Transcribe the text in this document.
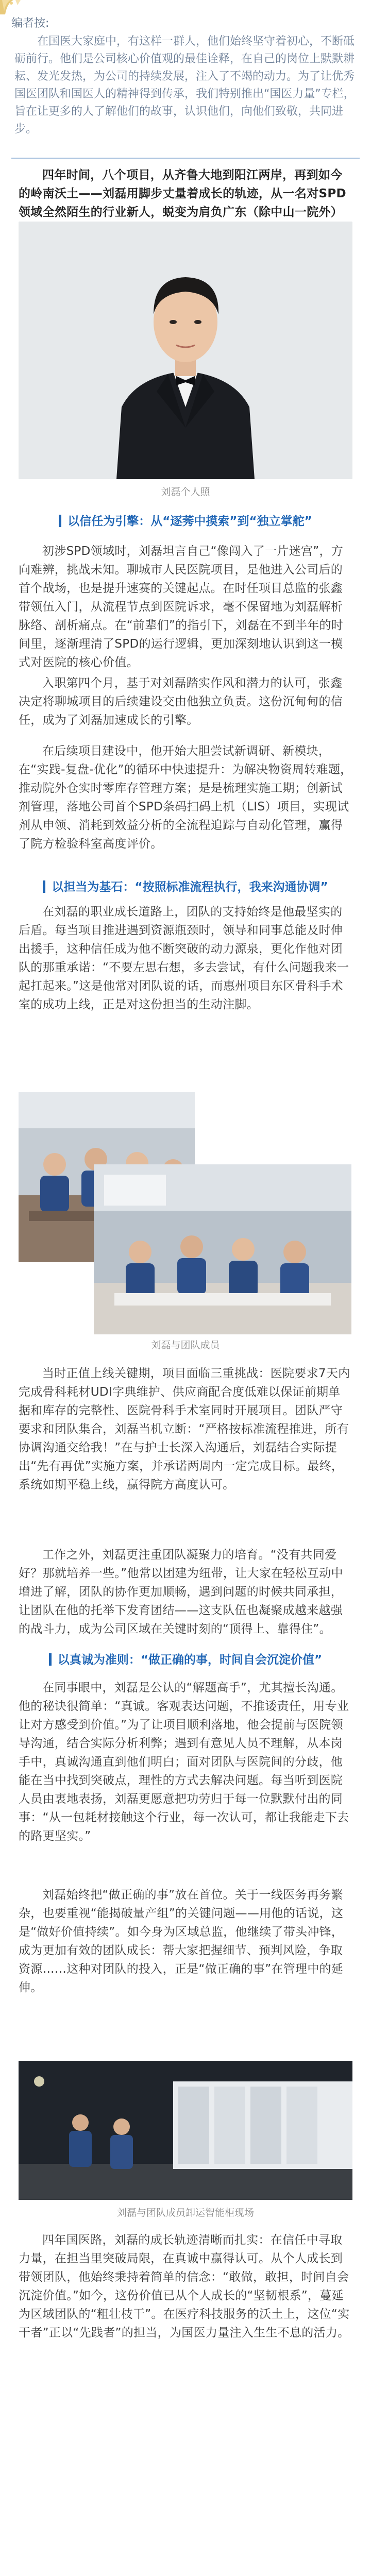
编者按:
在国医大家庭中，有这样一群人，他们始终坚守着初心，不断砥砺前行。他们是公司核心价值观的最佳诠释，在自己的岗位上默默耕耘、发光发热，为公司的持续发展，注入了不竭的动力。为了让优秀国医团队和国医人的精神得到传承，我们特别推出“国医力量”专栏，旨在让更多的人了解他们的故事，认识他们，向他们致敬，共同进步。
四年时间，八个项目，从齐鲁大地到阳江两岸，再到如今的岭南沃土——刘磊用脚步丈量着成长的轨迹，从一名对SPD领域全然陌生的行业新人，蜕变为肩负广东（除中山一院外）
刘磊个人照
以信任为引擎：从“逐莠中摸索”到“独立掌舵”
初涉SPD领域时，刘磊坦言自己“像闯入了一片迷宫”，方向难辨，挑战未知。聊城市人民医院项目，是他进入公司后的首个战场，也是提升速赛的关键起点。在时任项目总监的张鑫带领伍入门，从流程节点到医院诉求，毫不保留地为刘磊解析脉络、剖析痛点。在“前辈们”的指引下，刘磊在不到半年的时间里，逐渐理清了SPD的运行逻辑，更加深刻地认识到这一模式对医院的核心价值。
入职第四个月，基于对刘磊踏实作风和潜力的认可，张鑫决定将聊城项目的后续建设交由他独立负责。这份沉甸甸的信任，成为了刘磊加速成长的引擎。
在后续项目建设中，他开始大胆尝试新调研、新模块，在“实践-复盘-优化”的循环中快速提升：为解决物资周转难题，推动院外仓实时零库存管理方案；是是梳理实施工期；创新试剂管理，落地公司首个SPD条码扫码上机（LIS）项目，实现试剂从申领、消耗到效益分析的全流程追踪与自动化管理，赢得了院方检验科室高度评价。
以担当为基石：“按照标准流程执行，我来沟通协调”
在刘磊的职业成长道路上，团队的支持始终是他最坚实的后盾。每当项目推进遇到资源瓶颈时，领导和同事总能及时伸出援手，这种信任成为他不断突破的动力源泉，更化作他对团队的那重承诺：“不要左思右想，多去尝试，有什么问题我来一起扛起来。”这是他常对团队说的话，而惠州项目东区骨科手术室的成功上线，正是对这份担当的生动注脚。
刘磊与团队成员
当时正值上线关键期，项目面临三重挑战：医院要求7天内完成骨科耗材UDI字典维护、供应商配合度低难以保证前期单据和库存的完整性、医院骨科手术室同时开展项目。团队严守要求和团队集合，刘磊当机立断：“严格按标准流程推进，所有协调沟通交给我！”在与护士长深入沟通后，刘磊结合实际提出“先有再优”实施方案，并承诺两周内一定完成目标。最终，系统如期平稳上线，赢得院方高度认可。
工作之外，刘磊更注重团队凝聚力的培育。“没有共同爱好？那就培养一些。”他常以团建为纽带，让大家在轻松互动中增进了解，团队的协作更加顺畅，遇到问题的时候共同承担，让团队在他的托举下发育团结——这支队伍也凝聚成越来越强的战斗力，成为公司区域在关键时刻的“顶得上、靠得住”。
以真诚为准则：“做正确的事，时间自会沉淀价值”
在同事眼中，刘磊是公认的“解题高手”，尤其擅长沟通。他的秘诀很简单：“真诚。客观表达问题，不推诿责任，用专业让对方感受到价值。”为了让项目顺利落地，他会提前与医院领导沟通，结合实际分析利弊；遇到有意见人员不理解，从本岗手中，真诚沟通直到他们明白；面对团队与医院间的分歧，他能在当中找到突破点，理性的方式去解决问题。每当听到医院人员由衷地表扬，刘磊更愿意把功劳归于每一位默默付出的同事：“从一包耗材接触这个行业，每一次认可，都让我能走下去的路更坚实。”
刘磊始终把“做正确的事”放在首位。关于一线医务再务繁杂，也要重视“能揭破量产组”的关键问题——用他的话说，这是“做好价值持续”。如今身为区域总监，他继续了带头冲锋，成为更加有效的团队成长：帮大家把握细节、预判风险，争取资源……这种对团队的投入，正是“做正确的事”在管理中的延伸。
刘磊与团队成员卸运智能柜现场
四年国医路，刘磊的成长轨迹清晰而扎实：在信任中寻取力量，在担当里突破局限，在真诚中赢得认可。从个人成长到带领团队，他始终秉持着简单的信念：“敢做，敢担，时间自会沉淀价值。”如今，这份价值已从个人成长的“坚韧根系”，蔓延为区域团队的“粗壮枝干”。在医疗科技服务的沃土上，这位“实干者”正以“先践者”的担当，为国医力量注入生生不息的活力。
